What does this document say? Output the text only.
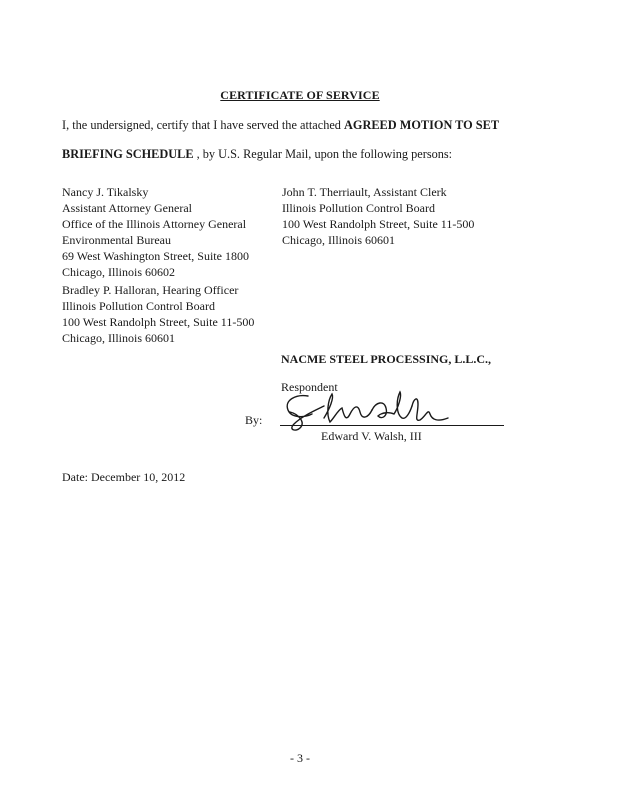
CERTIFICATE OF SERVICE
I, the undersigned, certify that I have served the attached AGREED MOTION TO SET
BRIEFING SCHEDULE , by U.S. Regular Mail, upon the following persons:
Nancy J. Tikalsky
Assistant Attorney General
Office of the Illinois Attorney General
Environmental Bureau
69 West Washington Street, Suite 1800
Chicago, Illinois 60602
John T. Therriault, Assistant Clerk
Illinois Pollution Control Board
100 West Randolph Street, Suite 11-500
Chicago, Illinois 60601
Bradley P. Halloran, Hearing Officer
Illinois Pollution Control Board
100 West Randolph Street, Suite 11-500
Chicago, Illinois 60601
NACME STEEL PROCESSING, L.L.C.,
Respondent
By:
Edward V. Walsh, III
Date: December 10, 2012
- 3 -
